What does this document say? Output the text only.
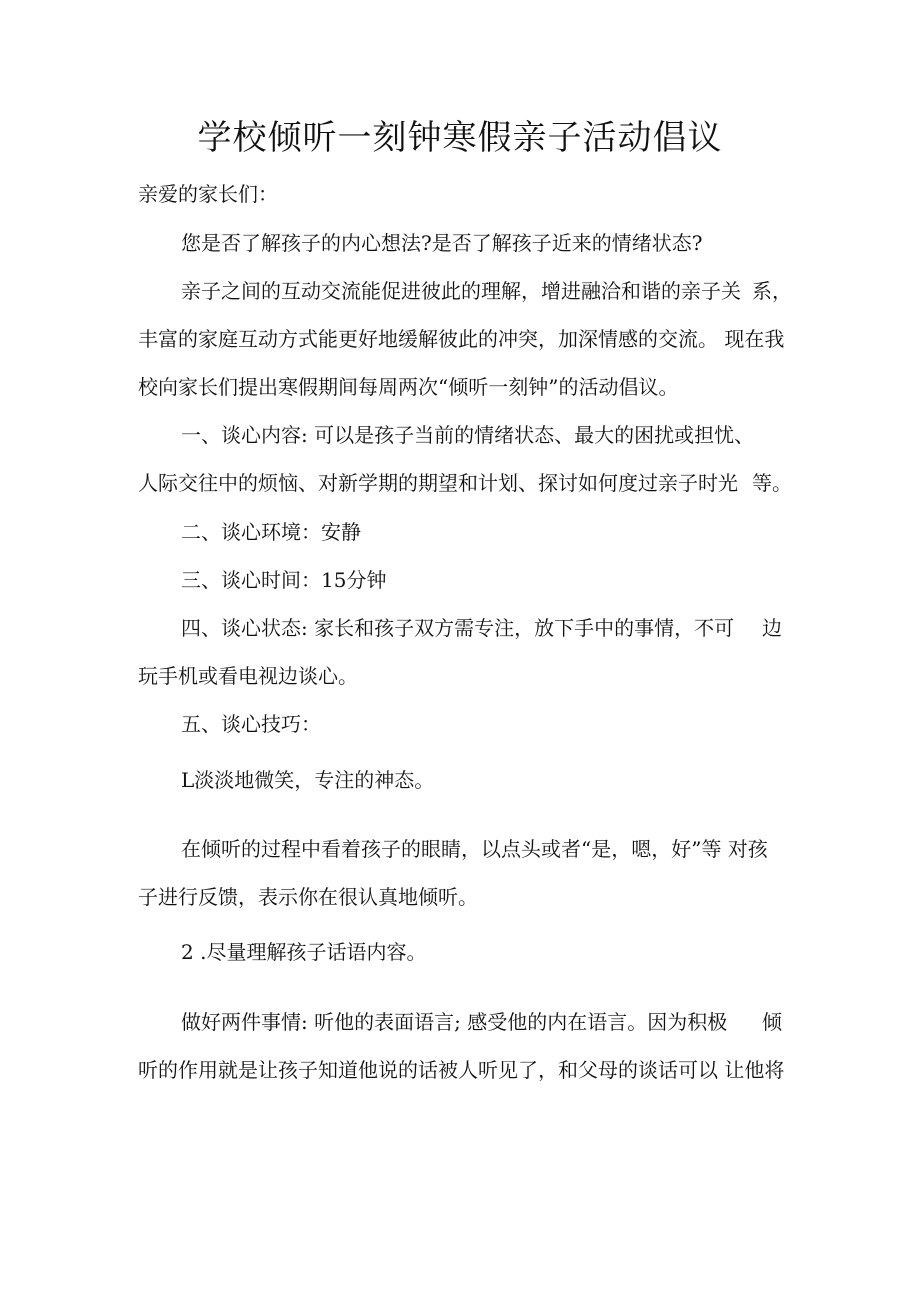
学校倾听一刻钟寒假亲子活动倡议
亲爱的家长们：
您是否了解孩子的内心想法?是否了解孩子近来的情绪状态?
亲子之间的互动交流能促进彼此的理解，增进融洽和谐的亲子关 系，
丰富的家庭互动方式能更好地缓解彼此的冲突，加深情感的交流。 现在我
校向家长们提出寒假期间每周两次“倾听一刻钟”的活动倡议。
一、谈心内容: 可以是孩子当前的情绪状态、最大的困扰或担忧、
人际交往中的烦恼、对新学期的期望和计划、探讨如何度过亲子时光 等。
二、谈心环境：安静
三、谈心时间：15分钟
四、谈心状态: 家长和孩子双方需专注，放下手中的事情，不可 边
玩手机或看电视边谈心。
五、谈心技巧：
L淡淡地微笑，专注的神态。
在倾听的过程中看着孩子的眼睛，以点头或者“是，嗯，好”等 对孩
子进行反馈，表示你在很认真地倾听。
2 .尽量理解孩子话语内容。
做好两件事情: 听他的表面语言; 感受他的内在语言。因为积极 倾
听的作用就是让孩子知道他说的话被人听见了，和父母的谈话可以 让他将
